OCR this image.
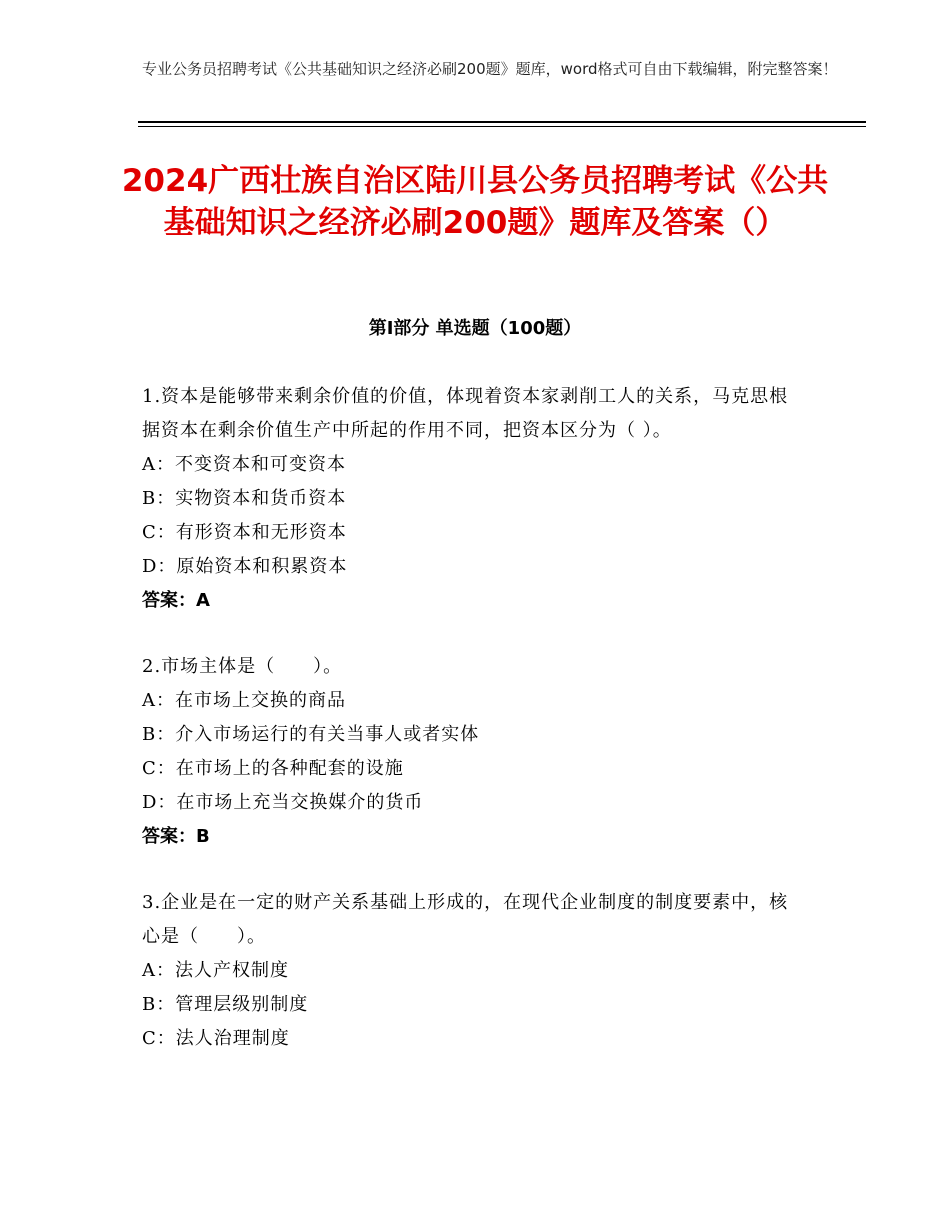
专业公务员招聘考试《公共基础知识之经济必刷200题》题库，word格式可自由下载编辑，附完整答案！
2024广西壮族自治区陆川县公务员招聘考试《公共基础知识之经济必刷200题》题库及答案（）
第Ⅰ部分 单选题（100题）
1.资本是能够带来剩余价值的价值，体现着资本家剥削工人的关系，马克思根据资本在剩余价值生产中所起的作用不同，把资本区分为（ ）。
A：不变资本和可变资本
B：实物资本和货币资本
C：有形资本和无形资本
D：原始资本和积累资本
答案：A
2.市场主体是（　　）。
A：在市场上交换的商品
B：介入市场运行的有关当事人或者实体
C：在市场上的各种配套的设施
D：在市场上充当交换媒介的货币
答案：B
3.企业是在一定的财产关系基础上形成的，在现代企业制度的制度要素中，核心是（　　）。
A：法人产权制度
B：管理层级别制度
C：法人治理制度
